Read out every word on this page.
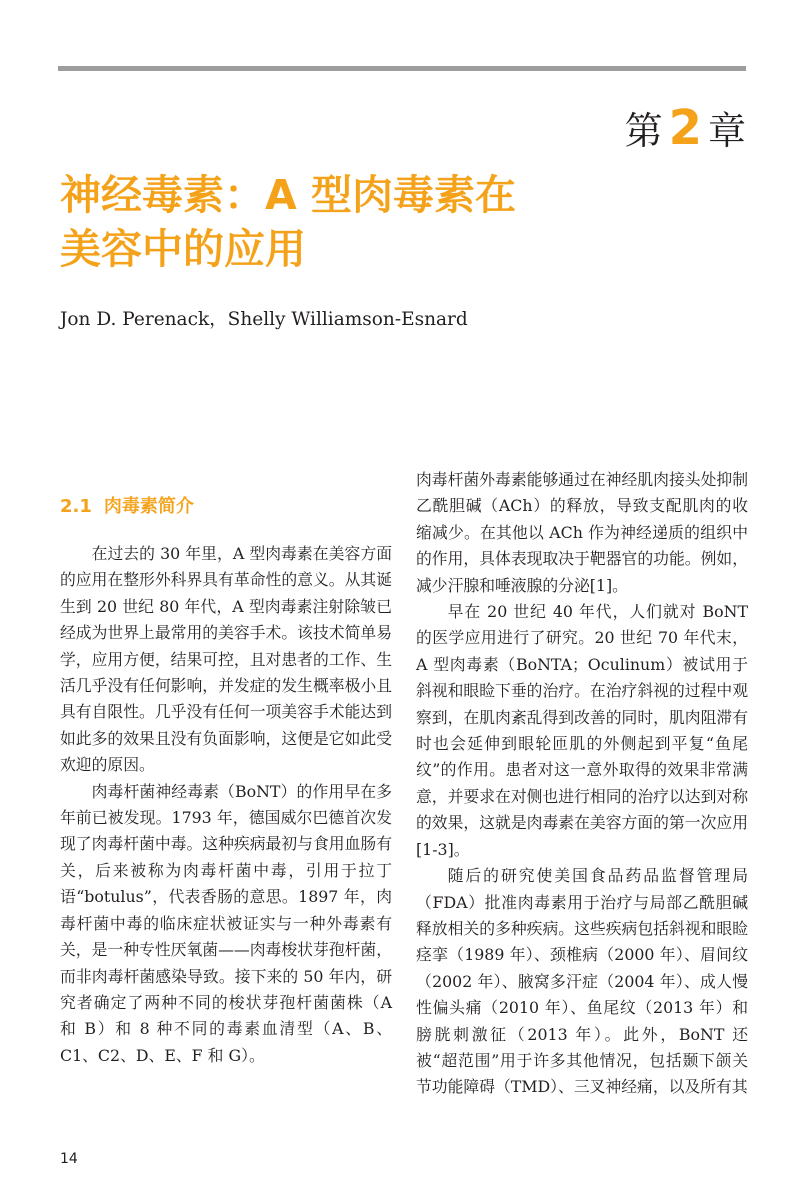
第 2 章
神经毒素：A 型肉毒素在
美容中的应用
Jon D. Perenack，Shelly Williamson-Esnard
2.1 肉毒素简介

在过去的 30 年里，A 型肉毒素在美容方面的应用在整形外科界具有革命性的意义。从其诞生到 20 世纪 80 年代，A 型肉毒素注射除皱已经成为世界上最常用的美容手术。该技术简单易学，应用方便，结果可控，且对患者的工作、生活几乎没有任何影响，并发症的发生概率极小且具有自限性。几乎没有任何一项美容手术能达到如此多的效果且没有负面影响，这便是它如此受欢迎的原因。

肉毒杆菌神经毒素（BoNT）的作用早在多年前已被发现。1793 年，德国威尔巴德首次发现了肉毒杆菌中毒。这种疾病最初与食用血肠有关，后来被称为肉毒杆菌中毒，引用于拉丁语“botulus”，代表香肠的意思。1897 年，肉毒杆菌中毒的临床症状被证实与一种外毒素有关，是一种专性厌氧菌——肉毒梭状芽孢杆菌，而非肉毒杆菌感染导致。接下来的 50 年内，研究者确定了两种不同的梭状芽孢杆菌菌株（A 和 B）和 8 种不同的毒素血清型（A、B、C1、C2、D、E、F 和 G）。

肉毒杆菌外毒素能够通过在神经肌肉接头处抑制乙酰胆碱（ACh）的释放，导致支配肌肉的收缩减少。在其他以 ACh 作为神经递质的组织中的作用，具体表现取决于靶器官的功能。例如，减少汗腺和唾液腺的分泌[1]。

早在 20 世纪 40 年代，人们就对 BoNT 的医学应用进行了研究。20 世纪 70 年代末，A 型肉毒素（BoNTA；Oculinum）被试用于斜视和眼睑下垂的治疗。在治疗斜视的过程中观察到，在肌肉紊乱得到改善的同时，肌肉阻滞有时也会延伸到眼轮匝肌的外侧起到平复“鱼尾纹”的作用。患者对这一意外取得的效果非常满意，并要求在对侧也进行相同的治疗以达到对称的效果，这就是肉毒素在美容方面的第一次应用[1-3]。

随后的研究使美国食品药品监督管理局（FDA）批准肉毒素用于治疗与局部乙酰胆碱释放相关的多种疾病。这些疾病包括斜视和眼睑痉挛（1989 年）、颈椎病（2000 年）、眉间纹（2002 年）、腋窝多汗症（2004 年）、成人慢性偏头痛（2010 年）、鱼尾纹（2013 年）和膀胱刺激征（2013 年）。此外，BoNT 还被“超范围”用于许多其他情况，包括颞下颌关节功能障碍（TMD）、三叉神经痛，以及所有其

14
